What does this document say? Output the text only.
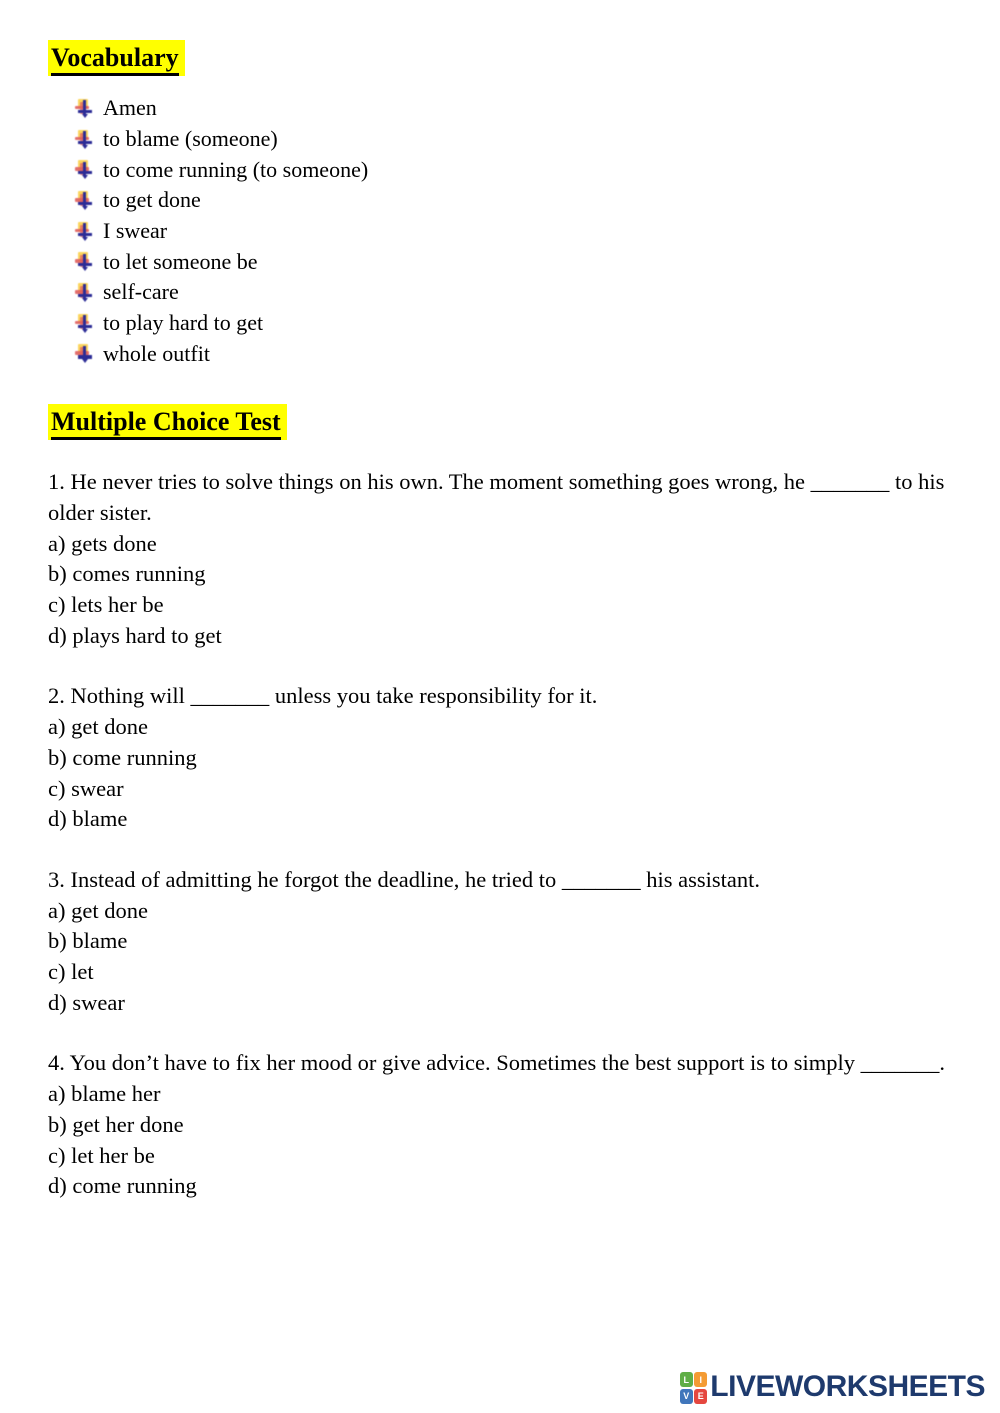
Vocabulary
Amen
to blame (someone)
to come running (to someone)
to get done
I swear
to let someone be
self-care
to play hard to get
whole outfit
Multiple Choice Test
1. He never tries to solve things on his own. The moment something goes wrong, he _______ to his older sister.
a) gets done
b) comes running
c) lets her be
d) plays hard to get
2. Nothing will _______ unless you take responsibility for it.
a) get done
b) come running
c) swear
d) blame
3. Instead of admitting he forgot the deadline, he tried to _______ his assistant.
a) get done
b) blame
c) let
d) swear
4. You don’t have to fix her mood or give advice. Sometimes the best support is to simply _______.
a) blame her
b) get her done
c) let her be
d) come running
L	I
V E LIVEWORKSHEETS
